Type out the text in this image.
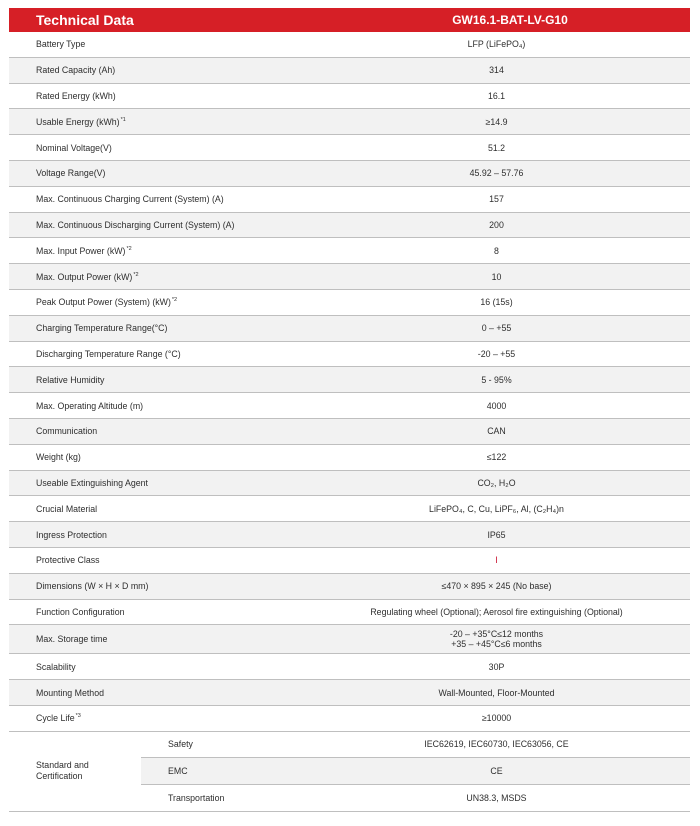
Technical Data	GW16.1-BAT-LV-G10
Battery Type	LFP (LiFePO₄)
Rated Capacity (Ah)	314
Rated Energy (kWh)	16.1
Usable Energy (kWh)$^{*1}$	≥14.9
Nominal Voltage(V)	51.2
Voltage Range(V)	45.92 – 57.76
Max. Continuous Charging Current (System) (A)	157
Max. Continuous Discharging Current (System) (A)	200
Max. Input Power (kW)$^{*2}$	8
Max. Output Power (kW)$^{*2}$	10
Peak Output Power (System) (kW)$^{*2}$	16 (15s)
Charging Temperature Range(°C)	0 – +55
Discharging Temperature Range (°C)	-20 – +55
Relative Humidity	5 - 95%
Max. Operating Altitude (m)	4000
Communication	CAN
Weight (kg)	≤122
Useable Extinguishing Agent	CO₂, H₂O
Crucial Material	LiFePO₄, C, Cu, LiPF₆, Al, (C₂H₄)n
Ingress Protection	IP65
Protective Class	I
Dimensions (W × H × D mm)	≤470 × 895 × 245 (No base)
Function Configuration	Regulating wheel (Optional); Aerosol fire extinguishing (Optional)
Max. Storage time	-20 – +35°C≤12 months
+35 – +45°C≤6 months
Scalability	30P
Mounting Method	Wall-Mounted, Floor-Mounted
Cycle Life$^{*3}$	≥10000
Standard and
Certification
Safety	IEC62619, IEC60730, IEC63056, CE
EMC	CE
Transportation	UN38.3, MSDS
